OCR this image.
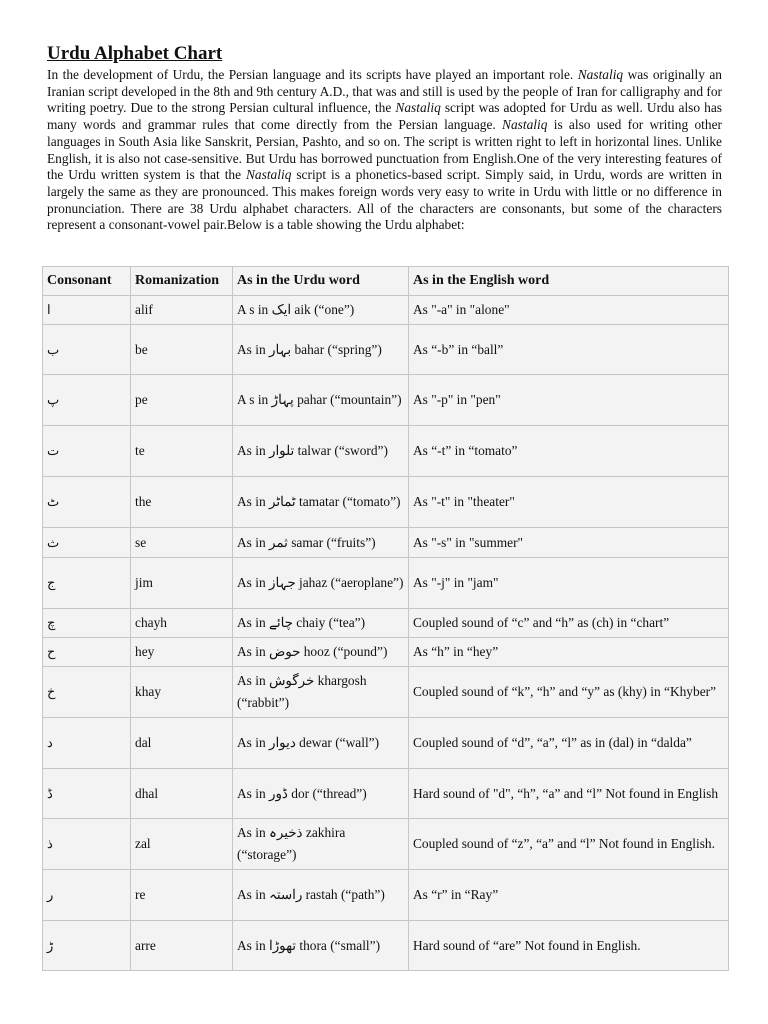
Urdu Alphabet Chart

In the development of Urdu, the Persian language and its scripts have played an important role. Nastaliq was originally an Iranian script developed in the 8th and 9th century A.D., that was and still is used by the people of Iran for calligraphy and for writing poetry. Due to the strong Persian cultural influence, the Nastaliq script was adopted for Urdu as well. Urdu also has many words and grammar rules that come directly from the Persian language. Nastaliq is also used for writing other languages in South Asia like Sanskrit, Persian, Pashto, and so on. The script is written right to left in horizontal lines. Unlike English, it is also not case-sensitive. But Urdu has borrowed punctuation from English.One of the very interesting features of the Urdu written system is that the Nastaliq script is a phonetics-based script. Simply said, in Urdu, words are written in largely the same as they are pronounced. This makes foreign words very easy to write in Urdu with little or no difference in pronunciation. There are 38 Urdu alphabet characters. All of the characters are consonants, but some of the characters represent a consonant-vowel pair.Below is a table showing the Urdu alphabet:

Consonant	Romanization	As in the Urdu word	As in the English word
ا	alif	A s in ایک aik (“one”)	As "-a" in "alone"
ب	be	As in بہار bahar (“spring”)	As “-b” in “ball”
پ	pe	A s in پہاڑ pahar (“mountain”)	As "-p" in "pen"
ت	te	As in تلوار talwar (“sword”)	As “-t” in “tomato”
ٹ	the	As in ٹماٹر tamatar (“tomato”)	As "-t" in "theater"
ث	se	As in ثمر samar (“fruits”)	As "-s" in "summer"
ج	jim	As in جہاز jahaz (“aeroplane”)	As "-j" in "jam"
چ	chayh	As in چائے chaiy (“tea”)	Coupled sound of “c” and “h” as (ch) in “chart”
ح	hey	As in حوض hooz (“pound”)	As “h” in “hey”
خ	khay	As in خرگوش khargosh (“rabbit”)	Coupled sound of “k”, “h” and “y” as (khy) in “Khyber”
د	dal	As in دیوار dewar (“wall”)	Coupled sound of “d”, “a”, “l” as in (dal) in “dalda”
ڈ	dhal	As in ڈور dor (“thread”)	Hard sound of "d", “h”, “a” and “l” Not found in English
ذ	zal	As in ذخیرہ zakhira (“storage”)	Coupled sound of “z”, “a” and “l” Not found in English.
ر	re	As in راستہ rastah (“path”)	As “r” in “Ray”
ڑ	arre	As in تھوڑا thora (“small”)	Hard sound of “are” Not found in English.
